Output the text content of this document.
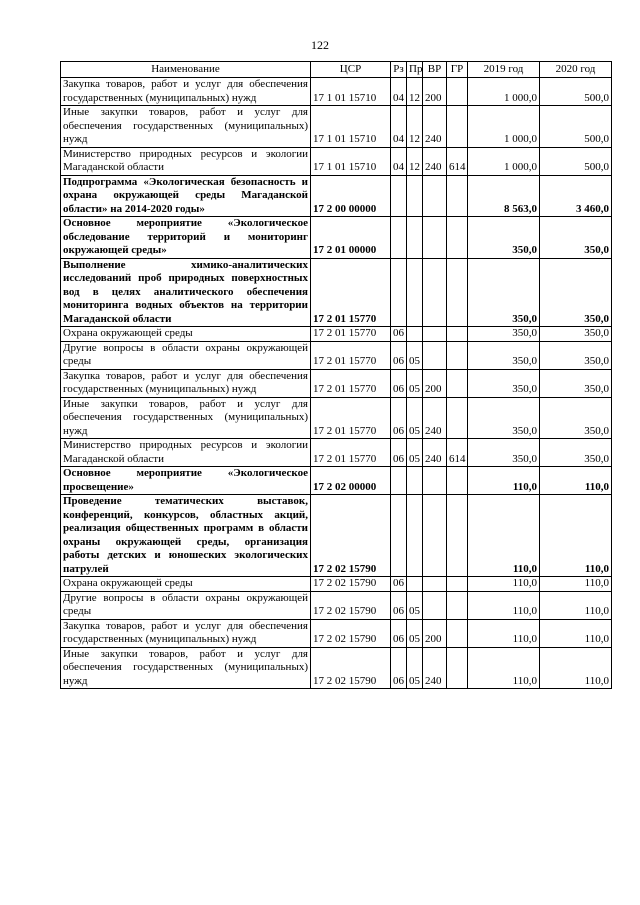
122
Наименование	ЦСР	Рз	Пр	ВР	ГР	2019 год	2020 год
Закупка товаров, работ и услуг для обеспечения государственных (муниципальных) нужд	17 1 01 15710	04	12	200		1 000,0	500,0
Иные закупки товаров, работ и услуг для обеспечения государственных (муниципальных) нужд	17 1 01 15710	04	12	240		1 000,0	500,0
Министерство природных ресурсов и экологии Магаданской области	17 1 01 15710	04	12	240	614	1 000,0	500,0
Подпрограмма «Экологическая безопасность и охрана окружающей среды Магаданской области» на 2014-2020 годы»	17 2 00 00000					8 563,0	3 460,0
Основное мероприятие «Экологическое обследование территорий и мониторинг окружающей среды»	17 2 01 00000					350,0	350,0
Выполнение химико-аналитических исследований проб природных поверхностных вод в целях аналитического обеспечения мониторинга водных объектов на территории Магаданской области	17 2 01 15770					350,0	350,0
Охрана окружающей среды	17 2 01 15770	06				350,0	350,0
Другие вопросы в области охраны окружающей среды	17 2 01 15770	06	05			350,0	350,0
Закупка товаров, работ и услуг для обеспечения государственных (муниципальных) нужд	17 2 01 15770	06	05	200		350,0	350,0
Иные закупки товаров, работ и услуг для обеспечения государственных (муниципальных) нужд	17 2 01 15770	06	05	240		350,0	350,0
Министерство природных ресурсов и экологии Магаданской области	17 2 01 15770	06	05	240	614	350,0	350,0
Основное мероприятие «Экологическое просвещение»	17 2 02 00000					110,0	110,0
Проведение тематических выставок, конференций, конкурсов, областных акций, реализация общественных программ в области охраны окружающей среды, организация работы детских и юношеских экологических патрулей	17 2 02 15790					110,0	110,0
Охрана окружающей среды	17 2 02 15790	06				110,0	110,0
Другие вопросы в области охраны окружающей среды	17 2 02 15790	06	05			110,0	110,0
Закупка товаров, работ и услуг для обеспечения государственных (муниципальных) нужд	17 2 02 15790	06	05	200		110,0	110,0
Иные закупки товаров, работ и услуг для обеспечения государственных (муниципальных) нужд	17 2 02 15790	06	05	240		110,0	110,0
